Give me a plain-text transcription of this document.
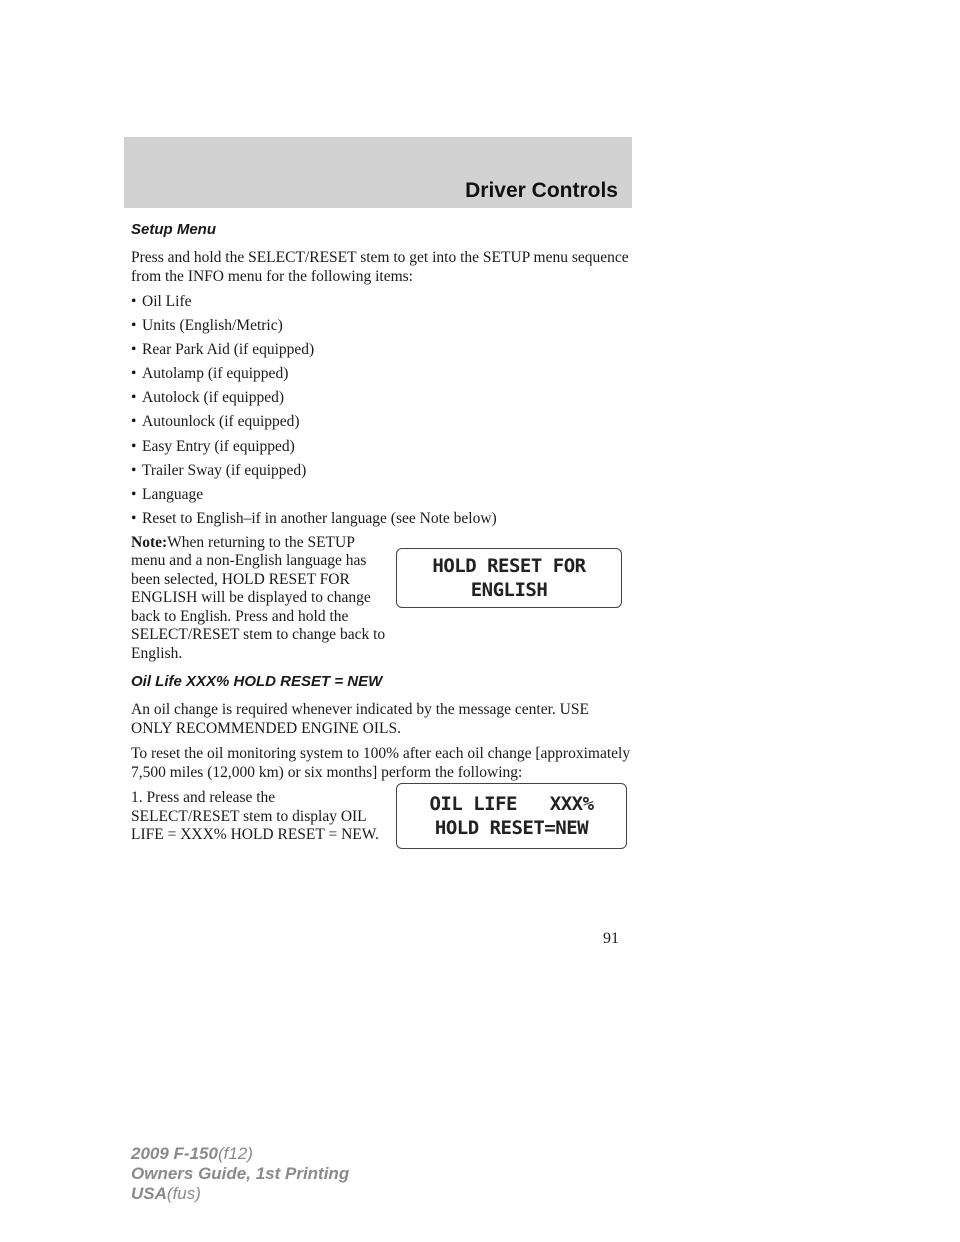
Driver Controls
Setup Menu

Press and hold the SELECT/RESET stem to get into the SETUP menu sequence from the INFO menu for the following items:

• Oil Life
• Units (English/Metric)
• Rear Park Aid (if equipped)
• Autolamp (if equipped)
• Autolock (if equipped)
• Autounlock (if equipped)
• Easy Entry (if equipped)
• Trailer Sway (if equipped)
• Language
• Reset to English–if in another language (see Note below)

Note:When returning to the SETUP menu and a non-English language has been selected, HOLD RESET FOR ENGLISH will be displayed to change back to English. Press and hold the SELECT/RESET stem to change back to English.

HOLD RESET FOR
ENGLISH
Oil Life XXX% HOLD RESET = NEW

An oil change is required whenever indicated by the message center. USE ONLY RECOMMENDED ENGINE OILS.

To reset the oil monitoring system to 100% after each oil change [approximately 7,500 miles (12,000 km) or six months] perform the following:

1. Press and release the SELECT/RESET stem to display OIL LIFE = XXX% HOLD RESET = NEW.

OIL LIFE   XXX%
HOLD RESET=NEW
91
2009 F-150(f12)
Owners Guide, 1st Printing
USA(fus)
